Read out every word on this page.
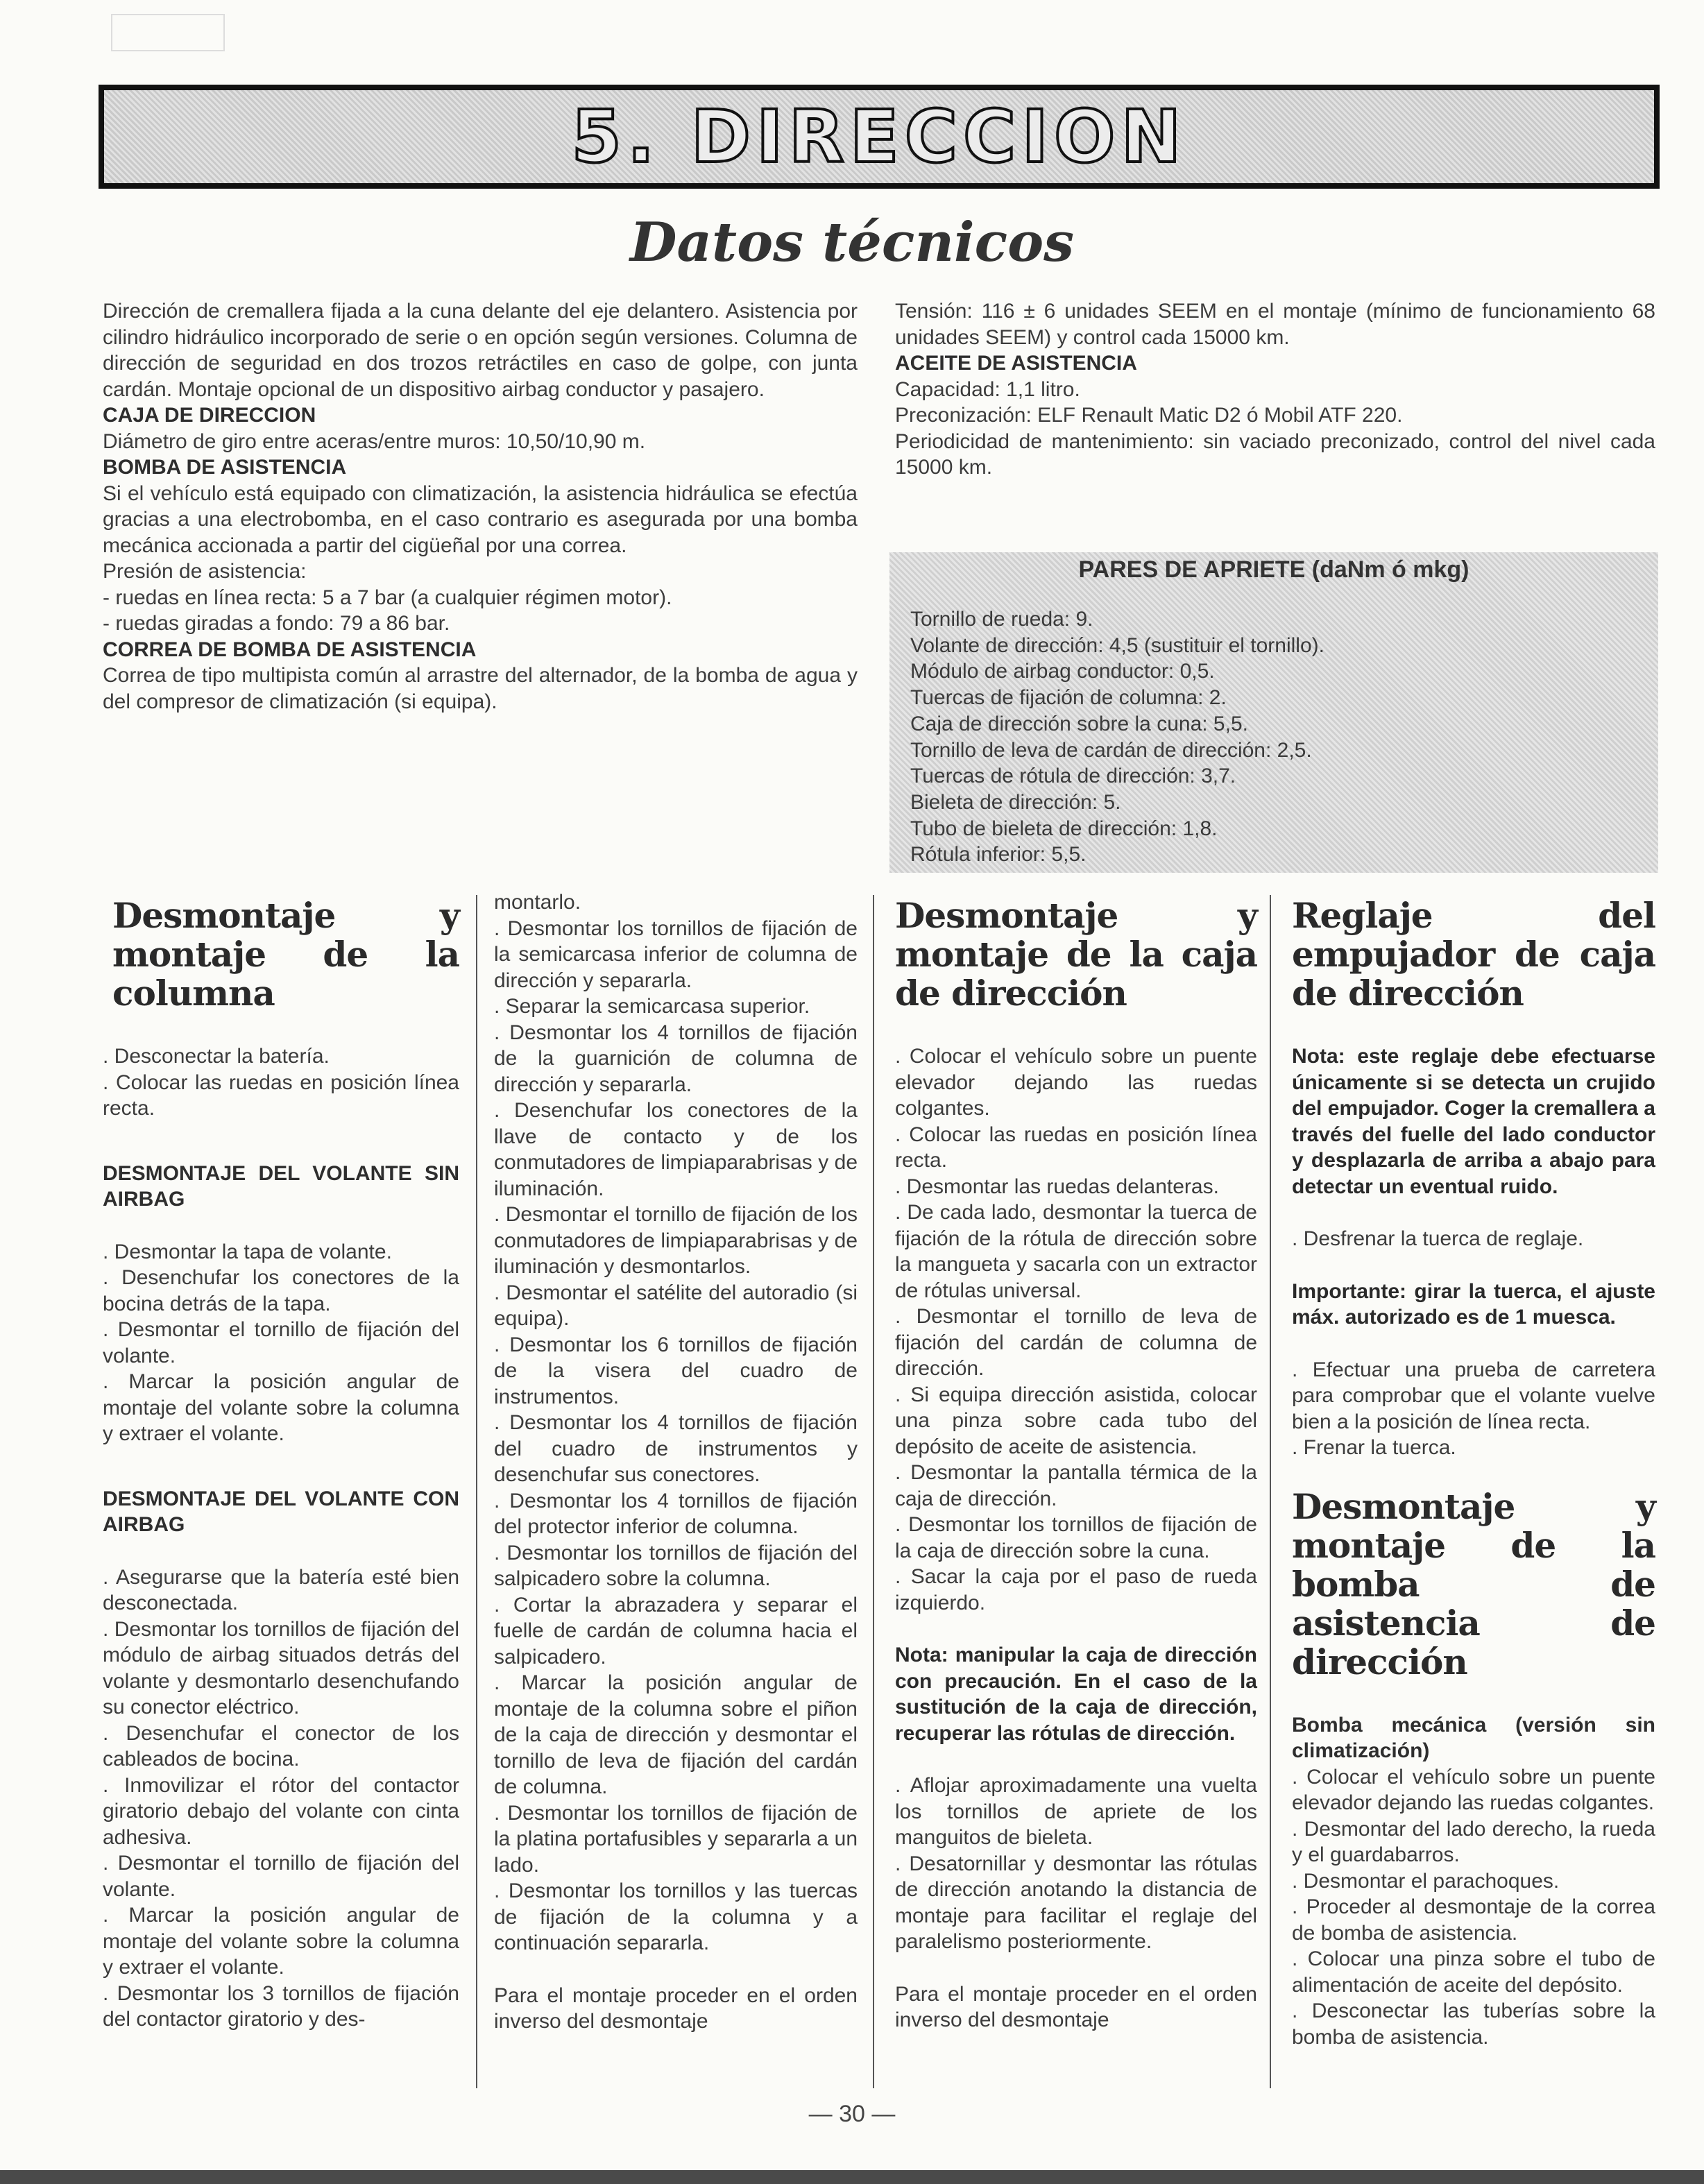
5. DIRECCION
Datos técnicos

Dirección de cremallera fijada a la cuna delante del eje delantero. Asistencia por cilindro hidráulico incorporado de serie o en opción según versiones. Columna de dirección de seguridad en dos trozos retráctiles en caso de golpe, con junta cardán. Montaje opcional de un dispositivo airbag conductor y pasajero.

CAJA DE DIRECCION

Diámetro de giro entre aceras/entre muros: 10,50/10,90 m.

BOMBA DE ASISTENCIA

Si el vehículo está equipado con climatización, la asistencia hidráulica se efectúa gracias a una electrobomba, en el caso contrario es asegurada por una bomba mecánica accionada a partir del cigüeñal por una correa.

Presión de asistencia:

- ruedas en línea recta: 5 a 7 bar (a cualquier régimen motor).

- ruedas giradas a fondo: 79 a 86 bar.

CORREA DE BOMBA DE ASISTENCIA

Correa de tipo multipista común al arrastre del alternador, de la bomba de agua y del compresor de climatización (si equipa).

Tensión: 116 ± 6 unidades SEEM en el montaje (mínimo de funcionamiento 68 unidades SEEM) y control cada 15000 km.

ACEITE DE ASISTENCIA

Capacidad: 1,1 litro.

Preconización: ELF Renault Matic D2 ó Mobil ATF 220.

Periodicidad de mantenimiento: sin vaciado preconizado, control del nivel cada 15000 km.

PARES DE APRIETE (daNm ó mkg)
Tornillo de rueda: 9.
Volante de dirección: 4,5 (sustituir el tornillo).
Módulo de airbag conductor: 0,5.
Tuercas de fijación de columna: 2.
Caja de dirección sobre la cuna: 5,5.
Tornillo de leva de cardán de dirección: 2,5.
Tuercas de rótula de dirección: 3,7.
Bieleta de dirección: 5.
Tubo de bieleta de dirección: 1,8.
Rótula inferior: 5,5.
Desmontaje y montaje de la columna

. Desconectar la batería.

. Colocar las ruedas en posición línea recta.

DESMONTAJE DEL VOLANTE SIN AIRBAG

. Desmontar la tapa de volante.

. Desenchufar los conectores de la bocina detrás de la tapa.

. Desmontar el tornillo de fijación del volante.

. Marcar la posición angular de montaje del volante sobre la columna y extraer el volante.

DESMONTAJE DEL VOLANTE CON AIRBAG

. Asegurarse que la batería esté bien desconectada.

. Desmontar los tornillos de fijación del módulo de airbag situados detrás del volante y desmontarlo desenchufando su conector eléctrico.

. Desenchufar el conector de los cableados de bocina.

. Inmovilizar el rótor del contactor giratorio debajo del volante con cinta adhesiva.

. Desmontar el tornillo de fijación del volante.

. Marcar la posición angular de montaje del volante sobre la columna y extraer el volante.

. Desmontar los 3 tornillos de fijación del contactor giratorio y des-

montarlo.

. Desmontar los tornillos de fijación de la semicarcasa inferior de columna de dirección y separarla.

. Separar la semicarcasa superior.

. Desmontar los 4 tornillos de fijación de la guarnición de columna de dirección y separarla.

. Desenchufar los conectores de la llave de contacto y de los conmutadores de limpiaparabrisas y de iluminación.

. Desmontar el tornillo de fijación de los conmutadores de limpiaparabrisas y de iluminación y desmontarlos.

. Desmontar el satélite del autoradio (si equipa).

. Desmontar los 6 tornillos de fijación de la visera del cuadro de instrumentos.

. Desmontar los 4 tornillos de fijación del cuadro de instrumentos y desenchufar sus conectores.

. Desmontar los 4 tornillos de fijación del protector inferior de columna.

. Desmontar los tornillos de fijación del salpicadero sobre la columna.

. Cortar la abrazadera y separar el fuelle de cardán de columna hacia el salpicadero.

. Marcar la posición angular de montaje de la columna sobre el piñon de la caja de dirección y desmontar el tornillo de leva de fijación del cardán de columna.

. Desmontar los tornillos de fijación de la platina portafusibles y separarla a un lado.

. Desmontar los tornillos y las tuercas de fijación de la columna y a continuación separarla.

Para el montaje proceder en el orden inverso del desmontaje

Desmontaje y montaje de la caja de dirección

. Colocar el vehículo sobre un puente elevador dejando las ruedas colgantes.

. Colocar las ruedas en posición línea recta.

. Desmontar las ruedas delanteras.

. De cada lado, desmontar la tuerca de fijación de la rótula de dirección sobre la mangueta y sacarla con un extractor de rótulas universal.

. Desmontar el tornillo de leva de fijación del cardán de columna de dirección.

. Si equipa dirección asistida, colocar una pinza sobre cada tubo del depósito de aceite de asistencia.

. Desmontar la pantalla térmica de la caja de dirección.

. Desmontar los tornillos de fijación de la caja de dirección sobre la cuna.

. Sacar la caja por el paso de rueda izquierdo.

Nota: manipular la caja de dirección con precaución. En el caso de la sustitución de la caja de dirección, recuperar las rótulas de dirección.

. Aflojar aproximadamente una vuelta los tornillos de apriete de los manguitos de bieleta.

. Desatornillar y desmontar las rótulas de dirección anotando la distancia de montaje para facilitar el reglaje del paralelismo posteriormente.

Para el montaje proceder en el orden inverso del desmontaje

Reglaje del empujador de caja de dirección

Nota: este reglaje debe efectuarse únicamente si se detecta un crujido del empujador. Coger la cremallera a través del fuelle del lado conductor y desplazarla de arriba a abajo para detectar un eventual ruido.

. Desfrenar la tuerca de reglaje.

Importante: girar la tuerca, el ajuste máx. autorizado es de 1 muesca.

. Efectuar una prueba de carretera para comprobar que el volante vuelve bien a la posición de línea recta.

. Frenar la tuerca.

Desmontaje y montaje de la bomba de asistencia de dirección

Bomba mecánica (versión sin climatización)

. Colocar el vehículo sobre un puente elevador dejando las ruedas colgantes.

. Desmontar del lado derecho, la rueda y el guardabarros.

. Desmontar el parachoques.

. Proceder al desmontaje de la correa de bomba de asistencia.

. Colocar una pinza sobre el tubo de alimentación de aceite del depósito.

. Desconectar las tuberías sobre la bomba de asistencia.

— 30 —
